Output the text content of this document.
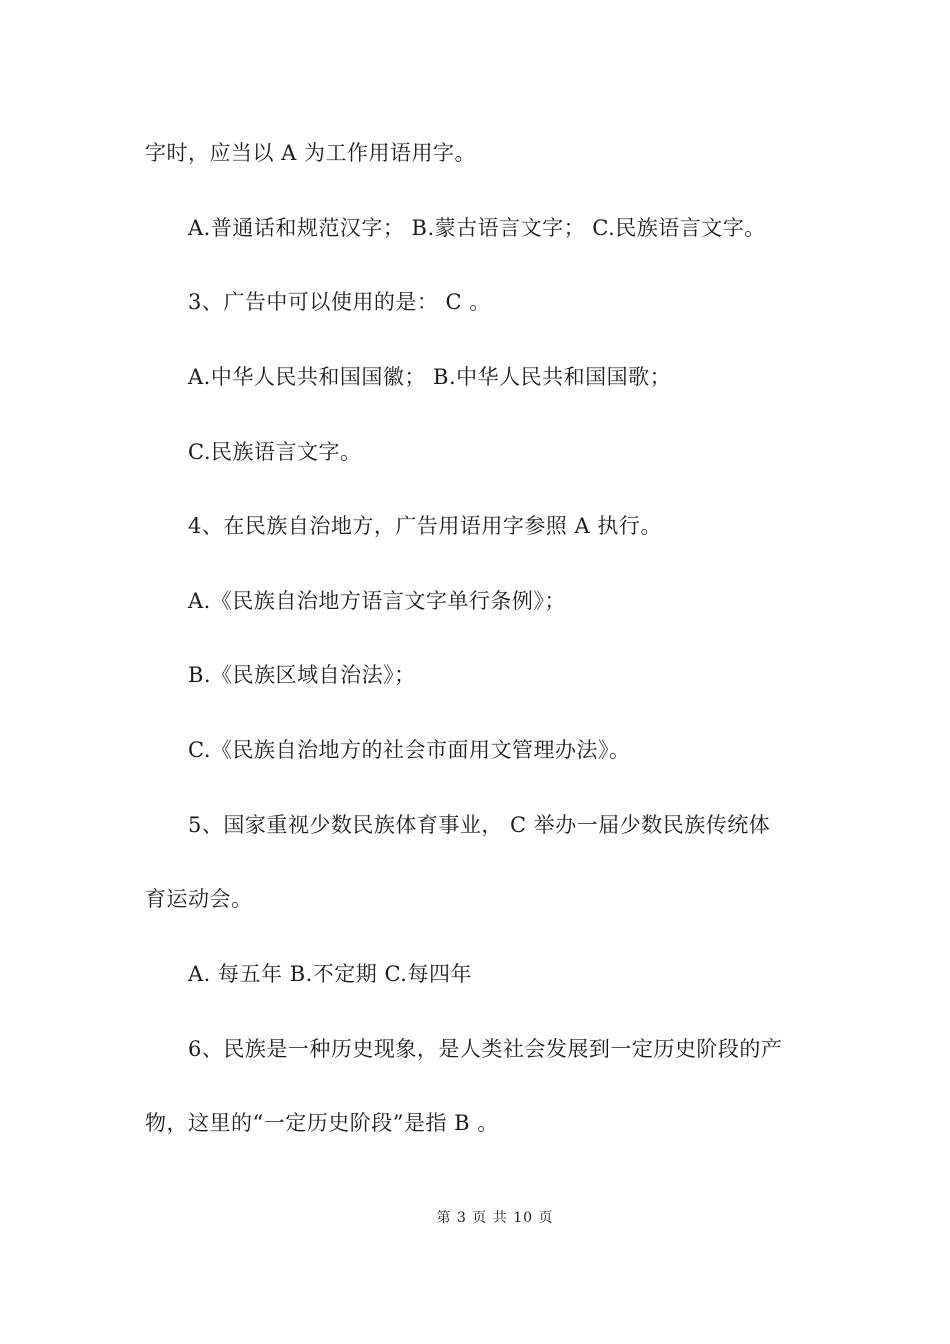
字时，应当以 A 为工作用语用字。
A.普通话和规范汉字； B.蒙古语言文字； C.民族语言文字。
3、广告中可以使用的是： C 。
A.中华人民共和国国徽； B.中华人民共和国国歌；
C.民族语言文字。
4、在民族自治地方，广告用语用字参照 A 执行。
A.《民族自治地方语言文字单行条例》；
B.《民族区域自治法》；
C.《民族自治地方的社会市面用文管理办法》。
5、国家重视少数民族体育事业， C 举办一届少数民族传统体
育运动会。
A. 每五年 B.不定期 C.每四年
6、民族是一种历史现象，是人类社会发展到一定历史阶段的产
物，这里的“一定历史阶段”是指 B 。
第 3 页 共 10 页
